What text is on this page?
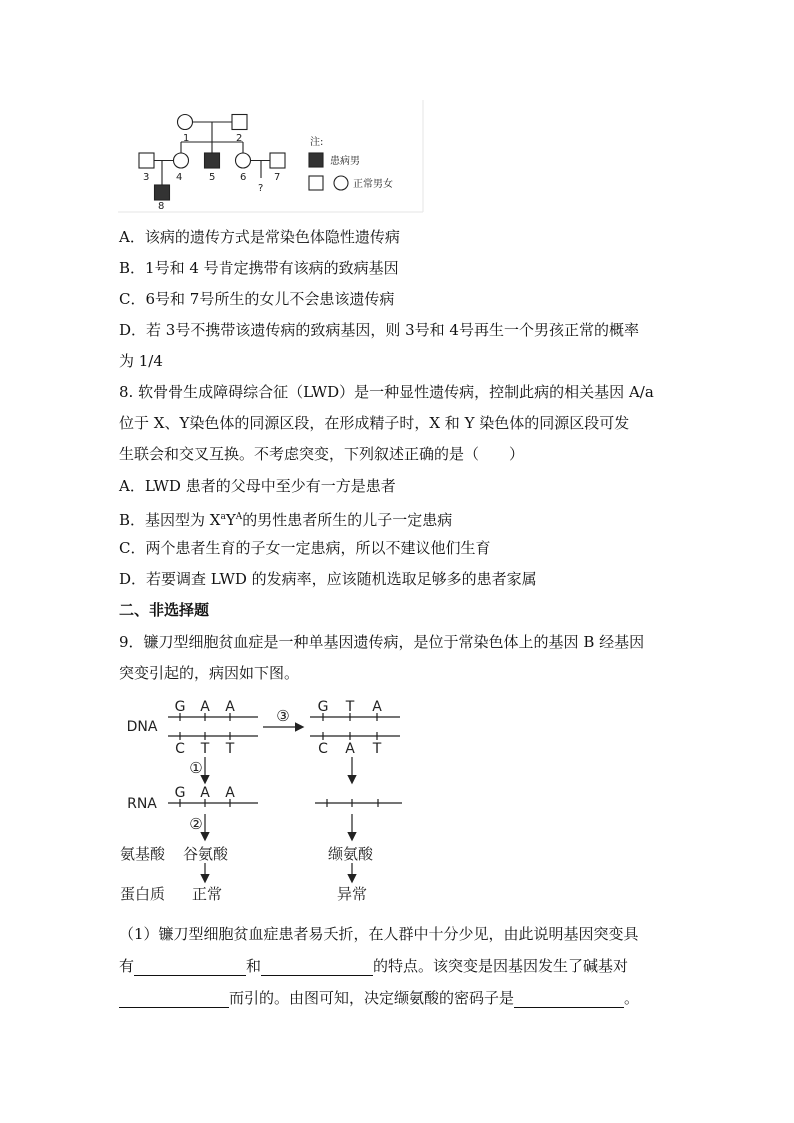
1	2
3	4	5 6	7
8
?
注:
患病男
正常男女
A．该病的遗传方式是常染色体隐性遗传病
B．1号和 4 号肯定携带有该病的致病基因
C．6号和 7号所生的女儿不会患该遗传病
D．若 3号不携带该遗传病的致病基因，则 3号和 4号再生一个男孩正常的概率
为 1/4
8. 软骨骨生成障碍综合征（LWD）是一种显性遗传病，控制此病的相关基因 A/a
位于 X、Y染色体的同源区段，在形成精子时，X 和 Y 染色体的同源区段可发
生联会和交叉互换。不考虑突变，下列叙述正确的是（　　）
A．LWD 患者的父母中至少有一方是患者
B．基因型为 $X^aY^A$的男性患者所生的儿子一定患病
C．两个患者生育的子女一定患病，所以不建议他们生育
D．若要调查 LWD 的发病率，应该随机选取足够多的患者家属
二、非选择题
9．镰刀型细胞贫血症是一种单基因遗传病，是位于常染色体上的基因 B 经基因
突变引起的，病因如下图。
DNA
RNA
G A A
C T T
G T A
C A T
G A A
①
②
③
氨基酸 谷氨酸	缬氨酸
蛋白质 正常	异常
（1）镰刀型细胞贫血症患者易夭折，在人群中十分少见，由此说明基因突变具
有	和	的特点。该突变是因基因发生了碱基对
而引的。由图可知，决定缬氨酸的密码子是	。
